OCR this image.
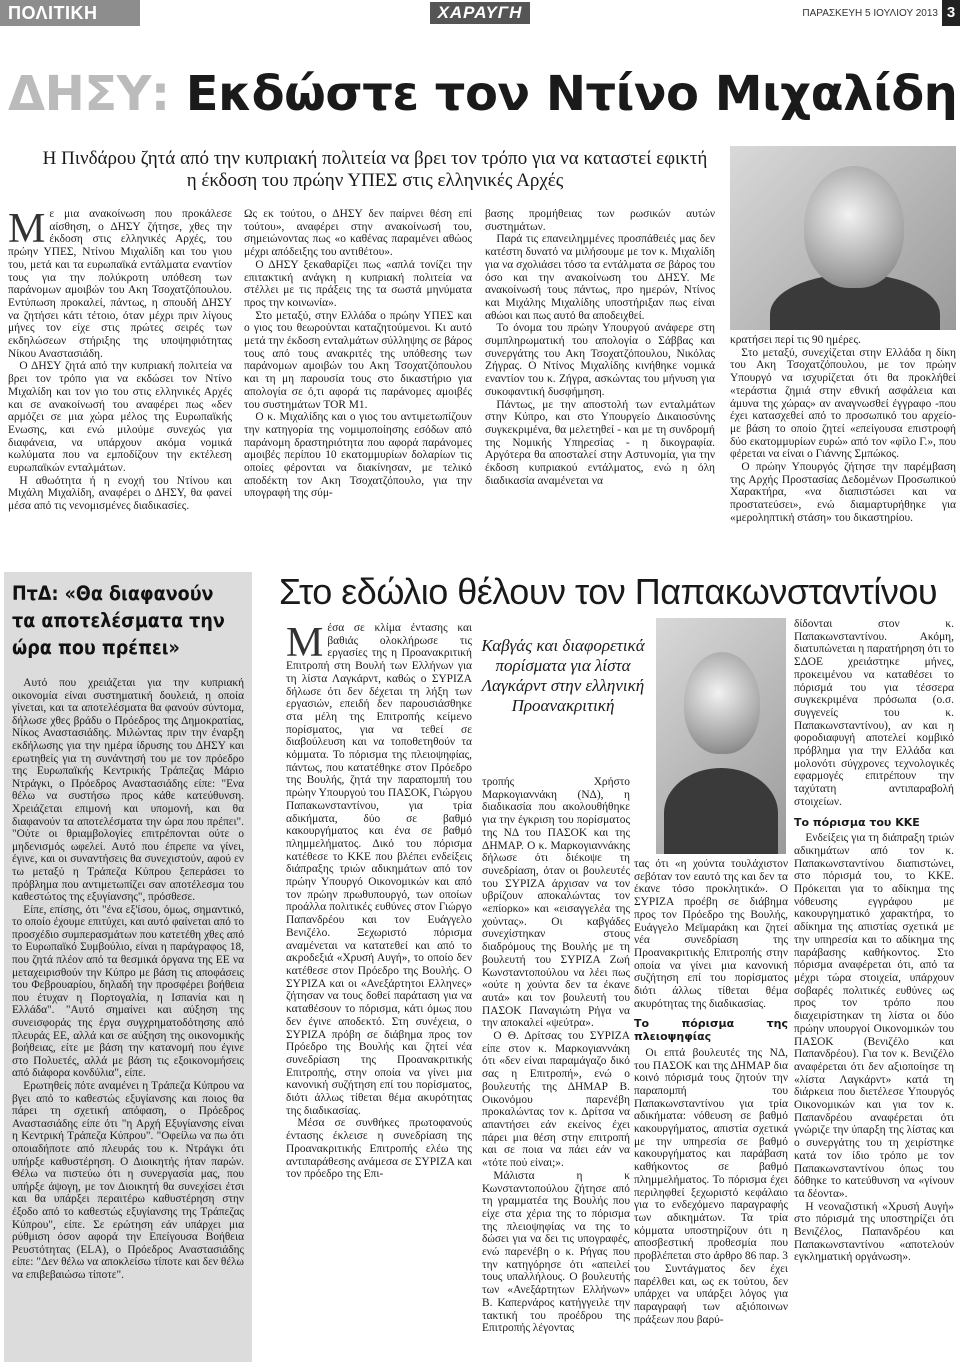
ΠΟΛΙΤΙΚΗ	ΧΑΡΑΥΓΗ	ΠΑΡΑΣΚΕΥΗ 5 ΙΟΥΛΙΟΥ 2013 3
ΔΗΣΥ: Εκδώστε τον Ντίνο Μιχαλίδη
Η Πινδάρου ζητά από την κυπριακή πολιτεία να βρει τον τρόπο για να καταστεί εφικτή η έκδοση του πρώην ΥΠΕΣ στις ελληνικές Αρχές
Μ ε μια ανακοίνωση που προκάλεσε αίσθηση, ο ΔΗΣΥ ζήτησε, χθες την έκδοση στις ελληνικές Αρχές, του πρώην ΥΠΕΣ, Ντίνου Μιχαλίδη και του γιου του, μετά και τα ευρωπαϊκά εντάλματα εναντίον τους για την πολύκροτη υπόθεση των παράνομων αμοιβών του Ακη Τσοχατζόπουλου. Εντύπωση προκαλεί, πάντως, η σπουδή ΔΗΣΥ να ζητήσει κάτι τέτοιο, όταν μέχρι πριν λίγους μήνες τον είχε στις πρώτες σειρές των εκδηλώσεων στήριξης της υποψηφιότητας Νίκου Αναστασιάδη.

Ο ΔΗΣΥ ζητά από την κυπριακή πολιτεία να βρει τον τρόπο για να εκδώσει τον Ντίνο Μιχαλίδη και τον γιο του στις ελληνικές Αρχές και σε ανακοίνωσή του αναφέρει πως «δεν αρμόζει σε μια χώρα μέλος της Ευρωπαϊκής Ενωσης, και ενώ μιλούμε συνεχώς για διαφάνεια, να υπάρχουν ακόμα νομικά κωλύματα που να εμποδίζουν την εκτέλεση ευρωπαϊκών ενταλμάτων.

Η αθωότητα ή η ενοχή του Ντίνου και Μιχάλη Μιχαλίδη, αναφέρει ο ΔΗΣΥ, θα φανεί μέσα από τις νενομισμένες διαδικασίες.

Ως εκ τούτου, ο ΔΗΣΥ δεν παίρνει θέση επί τούτου», αναφέρει στην ανακοίνωσή του, σημειώνοντας πως «ο καθένας παραμένει αθώος μέχρι απόδειξης του αντιθέτου».

Ο ΔΗΣΥ ξεκαθαρίζει πως «απλά τονίζει την επιτακτική ανάγκη η κυπριακή πολιτεία να στέλλει με τις πράξεις της τα σωστά μηνύματα προς την κοινωνία».

Στο μεταξύ, στην Ελλάδα ο πρώην ΥΠΕΣ και ο γιος του θεωρούνται καταζητούμενοι. Κι αυτό μετά την έκδοση ενταλμάτων σύλληψης σε βάρος τους από τους ανακριτές της υπόθεσης των παράνομων αμοιβών του Ακη Τσοχατζόπουλου και τη μη παρουσία τους στο δικαστήριο για απολογία σε ό,τι αφορά τις παράνομες αμοιβές του συστημάτων TOR M1.

Ο κ. Μιχαλίδης και ο γιος του αντιμετωπίζουν την κατηγορία της νομιμοποίησης εσόδων από παράνομη δραστηριότητα που αφορά παράνομες αμοιβές περίπου 10 εκατομμυρίων δολαρίων τις οποίες φέρονται να διακίνησαν, με τελικό αποδέκτη τον Ακη Τσοχατζόπουλο, για την υπογραφή της σύμ-

βασης προμήθειας των ρωσικών αυτών συστημάτων.

Παρά τις επανειλημμένες προσπάθειές μας δεν κατέστη δυνατό να μιλήσουμε με τον κ. Μιχαλίδη για να σχολιάσει τόσο τα εντάλματα σε βάρος του όσο και την ανακοίνωση του ΔΗΣΥ. Με ανακοίνωσή τους πάντως, προ ημερών, Ντίνος και Μιχάλης Μιχαλίδης υποστήριξαν πως είναι αθώοι και πως αυτό θα αποδειχθεί.

Το όνομα του πρώην Υπουργού ανάφερε στη συμπληρωματική του απολογία ο Σάββας και συνεργάτης του Ακη Τσοχατζόπουλου, Νικόλας Ζήγρας. Ο Ντίνος Μιχαλίδης κινήθηκε νομικά εναντίον του κ. Ζήγρα, ασκώντας του μήνυση για συκοφαντική δυσφήμηση.

Πάντως, με την αποστολή των ενταλμάτων στην Κύπρο, και στο Υπουργείο Δικαιοσύνης συγκεκριμένα, θα μελετηθεί - και με τη συνδρομή της Νομικής Υπηρεσίας - η δικογραφία. Αργότερα θα αποσταλεί στην Αστυνομία, για την έκδοση κυπριακού εντάλματος, ενώ η όλη διαδικασία αναμένεται να

κρατήσει περί τις 90 ημέρες.

Στο μεταξύ, συνεχίζεται στην Ελλάδα η δίκη του Ακη Τσοχατζόπουλου, με τον πρώην Υπουργό να ισχυρίζεται ότι θα προκλήθεί «τεράστια ζημιά στην εθνική ασφάλεια και άμυνα της χώρας» αν αναγνωσθεί έγγραφο -που έχει κατασχεθεί από το προσωπικό του αρχείο- με βάση το οποίο ζητεί «επείγουσα επιστροφή δύο εκατομμυρίων ευρώ» από τον «φίλο Γ.», που φέρεται να είναι ο Γιάννης Σμπώκος.

Ο πρώην Υπουργός ζήτησε την παρέμβαση της Αρχής Προστασίας Δεδομένων Προσωπικού Χαρακτήρα, «να διαπιστώσει και να προστατεύσει», ενώ διαμαρτυρήθηκε για «μεροληπτική στάση» του δικαστηρίου.

ΠτΔ: «Θα διαφανούν τα αποτελέσματα την ώρα που πρέπει»

Αυτό που χρειάζεται για την κυπριακή οικονομία είναι συστηματική δουλειά, η οποία γίνεται, και τα αποτελέσματα θα φανούν σύντομα, δήλωσε χθες βράδυ ο Πρόεδρος της Δημοκρατίας, Νίκος Αναστασιάδης. Μιλώντας πριν την έναρξη εκδήλωσης για την ημέρα ίδρυσης του ΔΗΣΥ και ερωτηθείς για τη συνάντησή του με τον πρόεδρο της Ευρωπαϊκής Κεντρικής Τράπεζας Μάριο Ντράγκι, ο Πρόεδρος Αναστασιάδης είπε: "Ενα θέλω να συστήσω προς κάθε κατεύθυνση. Χρειάζεται επιμονή και υπομονή, και θα διαφανούν τα αποτελέσματα την ώρα που πρέπει". "Ούτε οι θριαμβολογίες επιτρέπονται ούτε ο μηδενισμός ωφελεί. Αυτό που έπρεπε να γίνει, έγινε, και οι συναντήσεις θα συνεχιστούν, αφού εν τω μεταξύ η Τράπεζα Κύπρου ξεπεράσει το πρόβλημα που αντιμετωπίζει σαν αποτέλεσμα του καθεστώτος της εξυγίανσης", πρόσθεσε.

Είπε, επίσης, ότι "ένα εξ'ίσου, όμως, σημαντικό, το οποίο έχουμε επιτύχει, και αυτό φαίνεται από το προσχέδιο συμπερασμάτων που κατετέθη χθες από το Ευρωπαϊκό Συμβούλιο, είναι η παράγραφος 18, που ζητά πλέον από τα θεσμικά όργανα της ΕΕ να μεταχειρισθούν την Κύπρο με βάση τις αποφάσεις του Φεβρουαρίου, δηλαδή την προσφέρει βοήθεια που έτυχαν η Πορτογαλία, η Ισπανία και η Ελλάδα". "Αυτό σημαίνει και αύξηση της συνεισφοράς της έργα συγχρηματοδότησης από πλευράς ΕΕ, αλλά και σε αύξηση της οικονομικής βοήθειας, είτε με βάση την κατανομή που έγινε στο Πολυετές, αλλά με βάση τις εξοικονομήσεις από διάφορα κονδύλια", είπε.

Ερωτηθείς πότε αναμένει η Τράπεζα Κύπρου να βγει από το καθεστώς εξυγίανσης και ποιος θα πάρει τη σχετική απόφαση, ο Πρόεδρος Αναστασιάδης είπε ότι "η Αρχή Εξυγίανσης είναι η Κεντρική Τράπεζα Κύπρου". "Οφείλω να πω ότι οποιαδήποτε από πλευράς του κ. Ντράγκι ότι υπήρξε καθυστέρηση. Ο Διοικητής ήταν παρών. Θέλω να πιστεύω ότι η συνεργασία μας, που υπήρξε άψογη, με τον Διοικητή θα συνεχίσει έτσι και θα υπάρξει περαιτέρω καθυστέρηση στην έξοδο από το καθεστώς εξυγίανσης της Τράπεζας Κύπρου", είπε. Σε ερώτηση εάν υπάρχει μια ρύθμιση όσον αφορά την Επείγουσα Βοήθεια Ρευστότητας (ELA), ο Πρόεδρος Αναστασιάδης είπε: "Δεν θέλω να αποκλείσω τίποτε και δεν θέλω να επιβεβαιώσω τίποτε".

Στο εδώλιο θέλουν τον Παπακωνσταντίνου
Μ έσα σε κλίμα έντασης και βαθιάς ολοκλήρωσε τις εργασίες της η Προανακριτική Επιτροπή στη Βουλή των Ελλήνων για τη λίστα Λαγκάρντ, καθώς ο ΣΥΡΙΖΑ δήλωσε ότι δεν δέχεται τη λήξη των εργασιών, επειδή δεν παρουσιάσθηκε στα μέλη της Επιτροπής κείμενο πορίσματος, για να τεθεί σε διαβούλευση και να τοποθετηθούν τα κόμματα. Το πόρισμα της πλειοψηφίας, πάντως, που κατατέθηκε στον Πρόεδρο της Βουλής, ζητά την παραπομπή του πρώην Υπουργού του ΠΑΣΟΚ, Γιώργου Παπακωνσταντίνου, για τρία αδικήματα, δύο σε βαθμό κακουργήματος και ένα σε βαθμό πλημμελήματος. Δικό του πόρισμα κατέθεσε το ΚΚΕ που βλέπει ενδείξεις διάπραξης τριών αδικημάτων από τον πρώην Υπουργό Οικονομικών και από τον πρώην πρωθυπουργό, των οποίων προάλλα πολιτικές ευθύνες στον Γιώργο Παπανδρέου και τον Ευάγγελο Βενιζέλο. Ξεχωριστό πόρισμα αναμένεται να κατατεθεί και από το ακροδεξιά «Χρυσή Αυγή», το οποίο δεν κατέθεσε στον Πρόεδρο της Βουλής. Ο ΣΥΡΙΖΑ και οι «Ανεξάρτητοι Ελληνες» ζήτησαν να τους δοθεί παράταση για να καταθέσουν το πόρισμα, κάτι όμως που δεν έγινε αποδεκτό. Στη συνέχεια, ο ΣΥΡΙΖΑ πρόβη σε διάβημα προς τον Πρόεδρο της Βουλής και ζητεί νέα συνεδρίαση της Προανακριτικής Επιτροπής, στην οποία να γίνει μια κανονική συζήτηση επί του πορίσματος, διότι άλλως τίθεται θέμα ακυρότητας της διαδικασίας.

Μέσα σε συνθήκες πρωτοφανούς έντασης έκλεισε η συνεδρίαση της Προανακριτικής Επιτροπής ελέω της αντιπαράθεσης ανάμεσα σε ΣΥΡΙΖΑ και τον πρόεδρο της Επι-

Καβγάς και διαφορετικά πορίσματα για λίστα Λαγκάρντ στην ελληνική Προανακριτική

τροπής Χρήστο Μαρκογιαννάκη (ΝΔ), η διαδικασία που ακολουθήθηκε για την έγκριση του πορίσματος της ΝΔ του ΠΑΣΟΚ και της ΔΗΜΑΡ. Ο κ. Μαρκογιαννάκης δήλωσε ότι διέκοψε τη συνεδρίαση, όταν οι βουλευτές του ΣΥΡΙΖΑ άρχισαν να τον υβρίζουν αποκαλώντας τον «επίορκο» και «εισαγγελέα της χούντας». Οι καβγάδες συνεχίστηκαν στους διαδρόμους της Βουλής με τη βουλευτή του ΣΥΡΙΖΑ Ζωή Κωνσταντοπούλου να λέει πως «ούτε η χούντα δεν τα έκανε αυτά» και τον βουλευτή του ΠΑΣΟΚ Παναγιώτη Ρήγα να την αποκαλεί «ψεύτρα».

Ο Θ. Δρίτσας του ΣΥΡΙΖΑ είπε στον κ. Μαρκογιαννάκη ότι «δεν είναι παραμάγαζο δικό σας η Επιτροπή», ενώ ο βουλευτής της ΔΗΜΑΡ Β. Οικονόμου παρενέβη προκαλώντας τον κ. Δρίτσα να απαντήσει εάν εκείνος έχει πάρει μια θέση στην επιτροπή και σε ποια να πάει εάν να «τότε πού είναι;».

Μάλιστα η κ Κωνσταντοπούλου ζήτησε από τη γραμματέα της Βουλής που είχε στα χέρια της το πόρισμα της πλειοψηφίας να της το δώσει για να δει τις υπογραφές, ενώ παρενέβη ο κ. Ρήγας που την κατηγόρησε ότι «απειλεί τους υπαλλήλους. Ο βουλευτής των «Ανεξάρτητων Ελλήνων» Β. Καπερνάρος κατήγγειλε την τακτική του προέδρου της Επιτροπής λέγοντας

τας ότι «η χούντα τουλάχιστον σεβόταν τον εαυτό της και δεν τα έκανε τόσο προκλητικά». Ο ΣΥΡΙΖΑ προέβη σε διάβημα προς τον Πρόεδρο της Βουλής, Ευάγγελο Μεϊμαράκη και ζητεί νέα συνεδρίαση της Προανακριτικής Επιτροπής στην οποία να γίνει μια κανονική συζήτηση επί του πορίσματος διότι άλλως τίθεται θέμα ακυρότητας της διαδικασίας.

Το πόρισμα της πλειοψηφίας

Οι επτά βουλευτές της ΝΔ, του ΠΑΣΟΚ και της ΔΗΜΑΡ δια κοινό πόρισμά τους ζητούν την παραπομπή του Παπακωνσταντίνου για τρία αδικήματα: νόθευση σε βαθμό κακουργήματος, απιστία σχετικά με την υπηρεσία σε βαθμό κακουργήματος και παράβαση καθήκοντος σε βαθμό πλημμελήματος. Το πόρισμα έχει περιληφθεί ξεχωριστό κεφάλαιο για το ενδεχόμενο παραγραφής των αδικημάτων. Τα τρία κόμματα υποστηρίζουν ότι η αποσβεστική προθεσμία που προβλέπεται στο άρθρο 86 παρ. 3 του Συντάγματος δεν έχει παρέλθει και, ως εκ τούτου, δεν υπάρχει να υπάρξει λόγος για παραγραφή των αξιόποινων πράξεων που βαρύ-

δίδονται στον κ. Παπακωνσταντίνου. Ακόμη, διατυπώνεται η παρατήρηση ότι το ΣΔΟΕ χρειάστηκε μήνες, προκειμένου να καταθέσει το πόρισμά του για τέσσερα συγκεκριμένα πρόσωπα (ο.σ. συγγενείς του κ. Παπακωνσταντίνου), αν και η φοροδιαφυγή αποτελεί κομβικό πρόβλημα για την Ελλάδα και μολονότι σύγχρονες τεχνολογικές εφαρμογές επιτρέπουν την ταχύτατη αντιπαραβολή στοιχείων.

Το πόρισμα του ΚΚΕ

Ενδείξεις για τη διάπραξη τριών αδικημάτων από τον κ. Παπακωνσταντίνου διαπιστώνει, στο πόρισμά του, το ΚΚΕ. Πρόκειται για το αδίκημα της νόθευσης εγγράφου με κακουργηματικό χαρακτήρα, το αδίκημα της απιστίας σχετικά με την υπηρεσία και το αδίκημα της παράβασης καθήκοντος. Στο πόρισμα αναφέρεται ότι, από τα μέχρι τώρα στοιχεία, υπάρχουν σοβαρές πολιτικές ευθύνες ως προς τον τρόπο που διαχειρίστηκαν τη λίστα οι δύο πρώην υπουργοί Οικονομικών του ΠΑΣΟΚ (Βενιζέλο και Παπανδρέου). Για τον κ. Βενιζέλο αναφέρεται ότι δεν αξιοποίησε τη «λίστα Λαγκάρντ» κατά τη διάρκεια που διετέλεσε Υπουργός Οικονομικών και για τον κ. Παπανδρέου αναφέρεται ότι γνώριζε την ύπαρξη της λίστας και ο συνεργάτης του τη χειρίστηκε κατά τον ίδιο τρόπο με τον Παπακωνσταντίνου όπως του δόθηκε το κατεύθυνση να «γίνουν τα δέοντα».

Η νεοναζιστική «Χρυσή Αυγή» στο πόρισμά της υποστηρίζει ότι Βενιζέλος, Παπανδρέου και Παπακωνσταντίνου «αποτελούν εγκληματική οργάνωση».
